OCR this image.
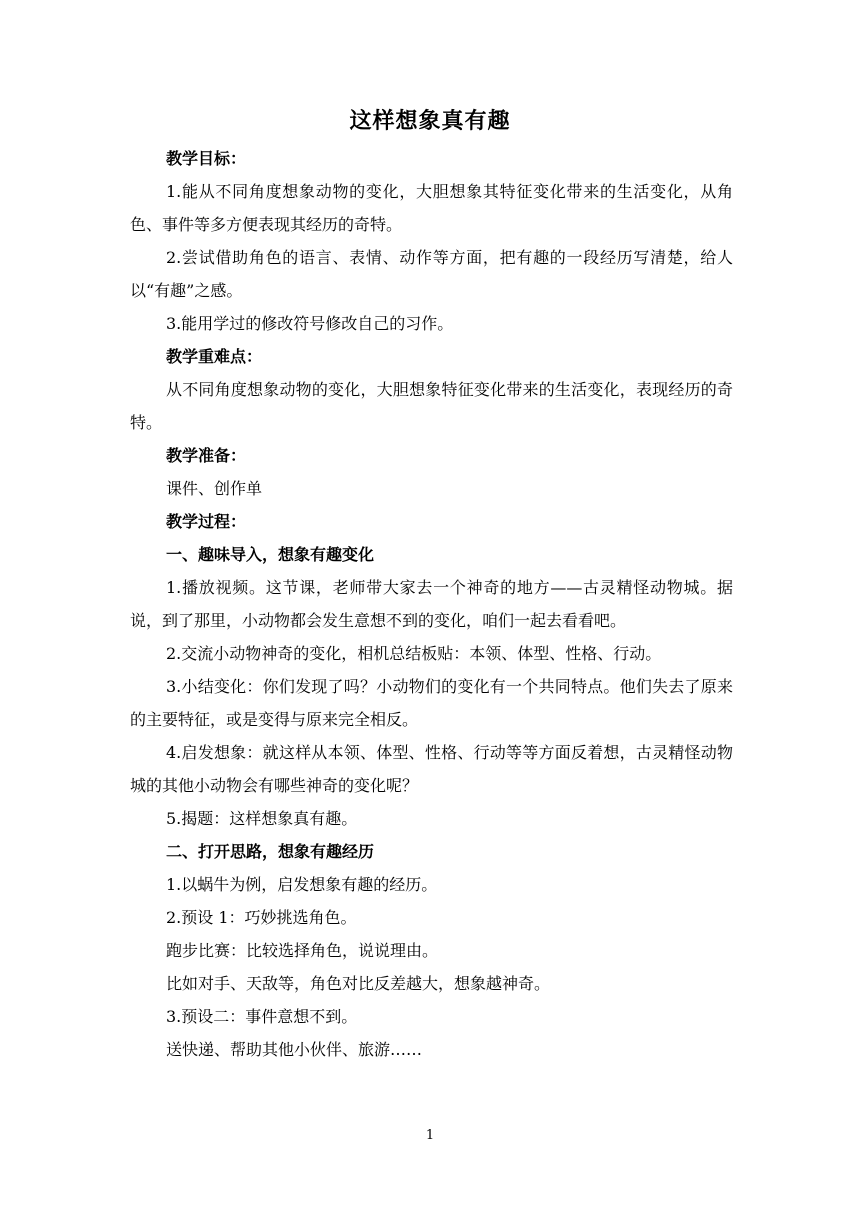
这样想象真有趣

教学目标：

1.能从不同角度想象动物的变化，大胆想象其特征变化带来的生活变化，从角色、事件等多方便表现其经历的奇特。

2.尝试借助角色的语言、表情、动作等方面，把有趣的一段经历写清楚，给人以“有趣”之感。

3.能用学过的修改符号修改自己的习作。

教学重难点：

从不同角度想象动物的变化，大胆想象特征变化带来的生活变化，表现经历的奇特。

教学准备：

课件、创作单

教学过程：

一、趣味导入，想象有趣变化

1.播放视频。这节课，老师带大家去一个神奇的地方——古灵精怪动物城。据说，到了那里，小动物都会发生意想不到的变化，咱们一起去看看吧。

2.交流小动物神奇的变化，相机总结板贴：本领、体型、性格、行动。

3.小结变化：你们发现了吗？小动物们的变化有一个共同特点。他们失去了原来的主要特征，或是变得与原来完全相反。

4.启发想象：就这样从本领、体型、性格、行动等等方面反着想，古灵精怪动物城的其他小动物会有哪些神奇的变化呢？

5.揭题：这样想象真有趣。

二、打开思路，想象有趣经历

1.以蜗牛为例，启发想象有趣的经历。

2.预设 1：巧妙挑选角色。

跑步比赛：比较选择角色，说说理由。

比如对手、天敌等，角色对比反差越大，想象越神奇。

3.预设二：事件意想不到。

送快递、帮助其他小伙伴、旅游……

1
